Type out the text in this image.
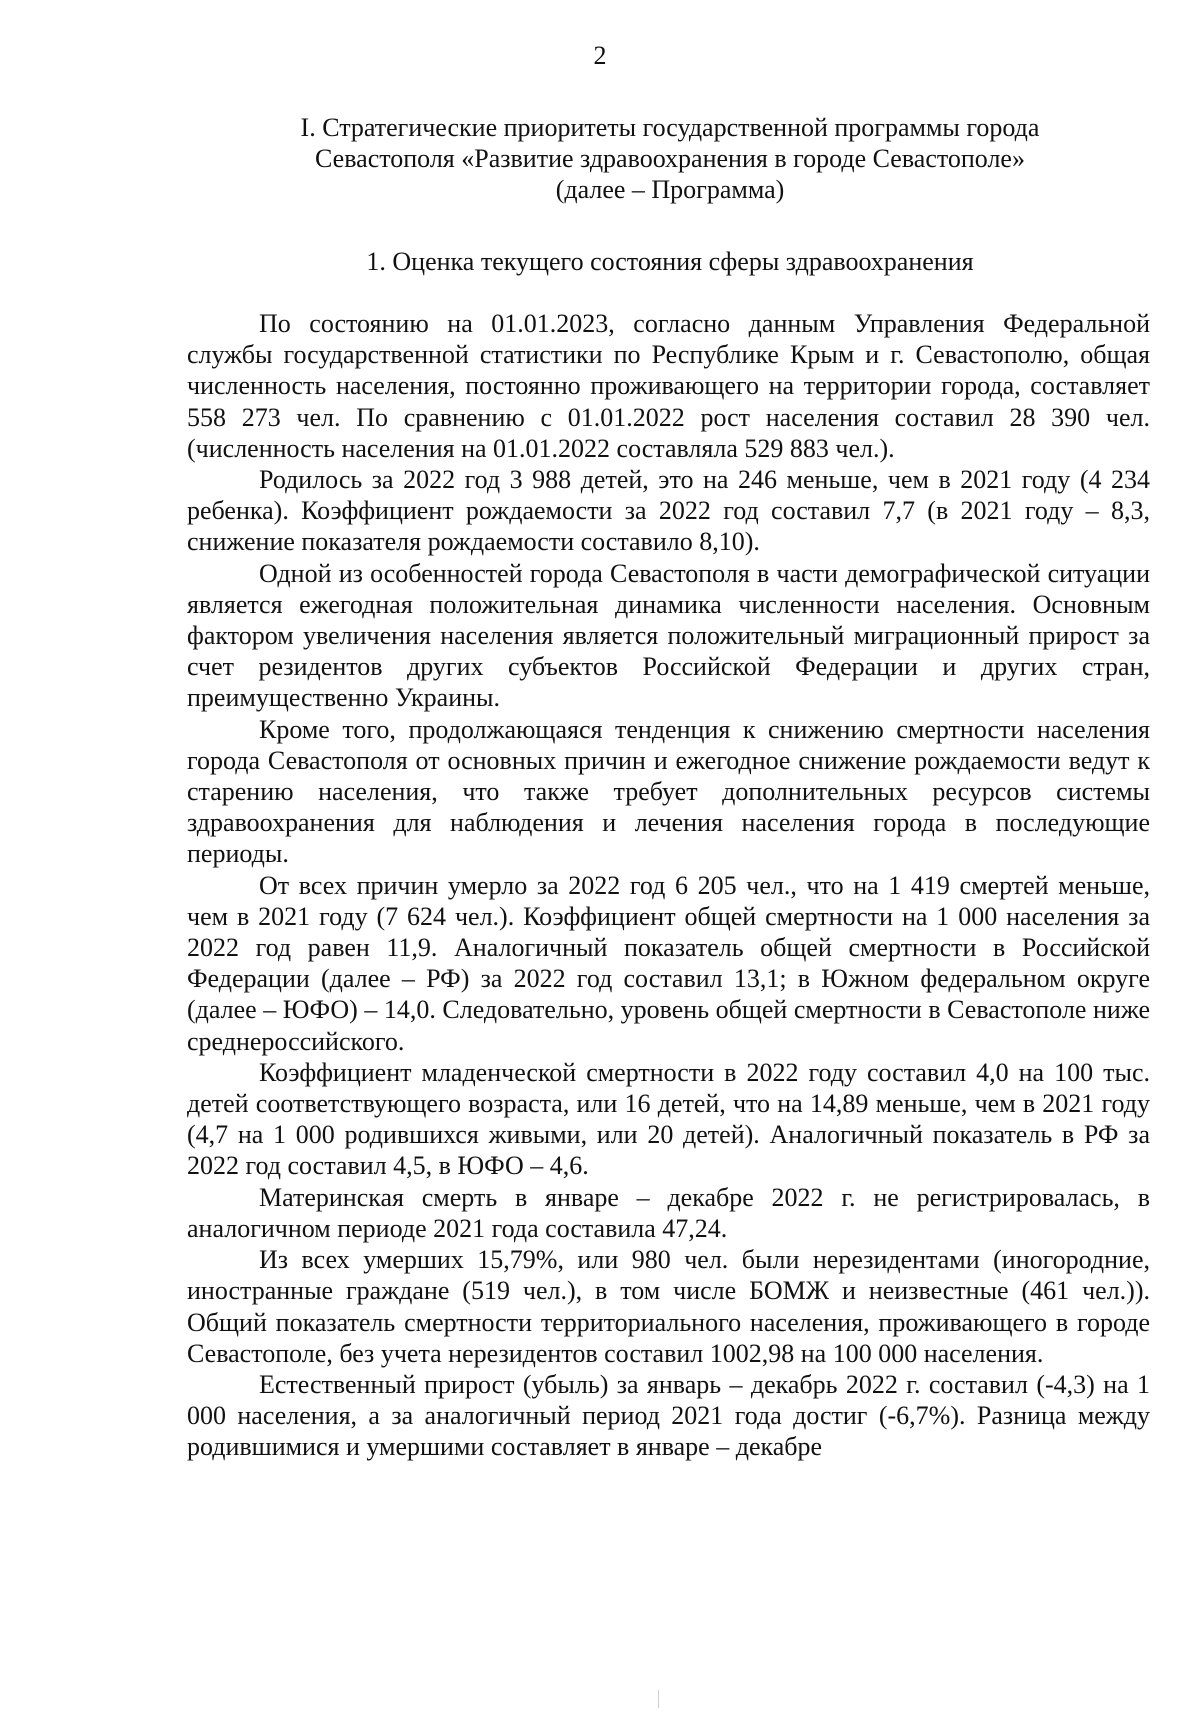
2
I. Стратегические приоритеты государственной программы города
Севастополя «Развитие здравоохранения в городе Севастополе»
(далее – Программа)
1. Оценка текущего состояния сферы здравоохранения

По состоянию на 01.01.2023, согласно данным Управления Федеральной службы государственной статистики по Республике Крым и г. Севастополю, общая численность населения, постоянно проживающего на территории города, составляет 558 273 чел. По сравнению с 01.01.2022 рост населения составил 28 390 чел. (численность населения на 01.01.2022 составляла 529 883 чел.).

Родилось за 2022 год 3 988 детей, это на 246 меньше, чем в 2021 году (4 234 ребенка). Коэффициент рождаемости за 2022 год составил 7,7 (в 2021 году – 8,3, снижение показателя рождаемости составило 8,10).

Одной из особенностей города Севастополя в части демографической ситуации является ежегодная положительная динамика численности населения. Основным фактором увеличения населения является положительный миграционный прирост за счет резидентов других субъектов Российской Федерации и других стран, преимущественно Украины.

Кроме того, продолжающаяся тенденция к снижению смертности населения города Севастополя от основных причин и ежегодное снижение рождаемости ведут к старению населения, что также требует дополнительных ресурсов системы здравоохранения для наблюдения и лечения населения города в последующие периоды.

От всех причин умерло за 2022 год 6 205 чел., что на 1 419 смертей меньше, чем в 2021 году (7 624 чел.). Коэффициент общей смертности на 1 000 населения за 2022 год равен 11,9. Аналогичный показатель общей смертности в Российской Федерации (далее – РФ) за 2022 год составил 13,1; в Южном федеральном округе (далее – ЮФО) – 14,0. Следовательно, уровень общей смертности в Севастополе ниже среднероссийского.

Коэффициент младенческой смертности в 2022 году составил 4,0 на 100 тыс. детей соответствующего возраста, или 16 детей, что на 14,89 меньше, чем в 2021 году (4,7 на 1 000 родившихся живыми, или 20 детей). Аналогичный показатель в РФ за 2022 год составил 4,5, в ЮФО – 4,6.

Материнская смерть в январе – декабре 2022 г. не регистрировалась, в аналогичном периоде 2021 года составила 47,24.

Из всех умерших 15,79%, или 980 чел. были нерезидентами (иногородние, иностранные граждане (519 чел.), в том числе БОМЖ и неизвестные (461 чел.)). Общий показатель смертности территориального населения, проживающего в городе Севастополе, без учета нерезидентов составил 1002,98 на 100 000 населения.

Естественный прирост (убыль) за январь – декабрь 2022 г. составил (-4,3) на 1 000 населения, а за аналогичный период 2021 года достиг (-6,7%). Разница между родившимися и умершими составляет в январе – декабре
